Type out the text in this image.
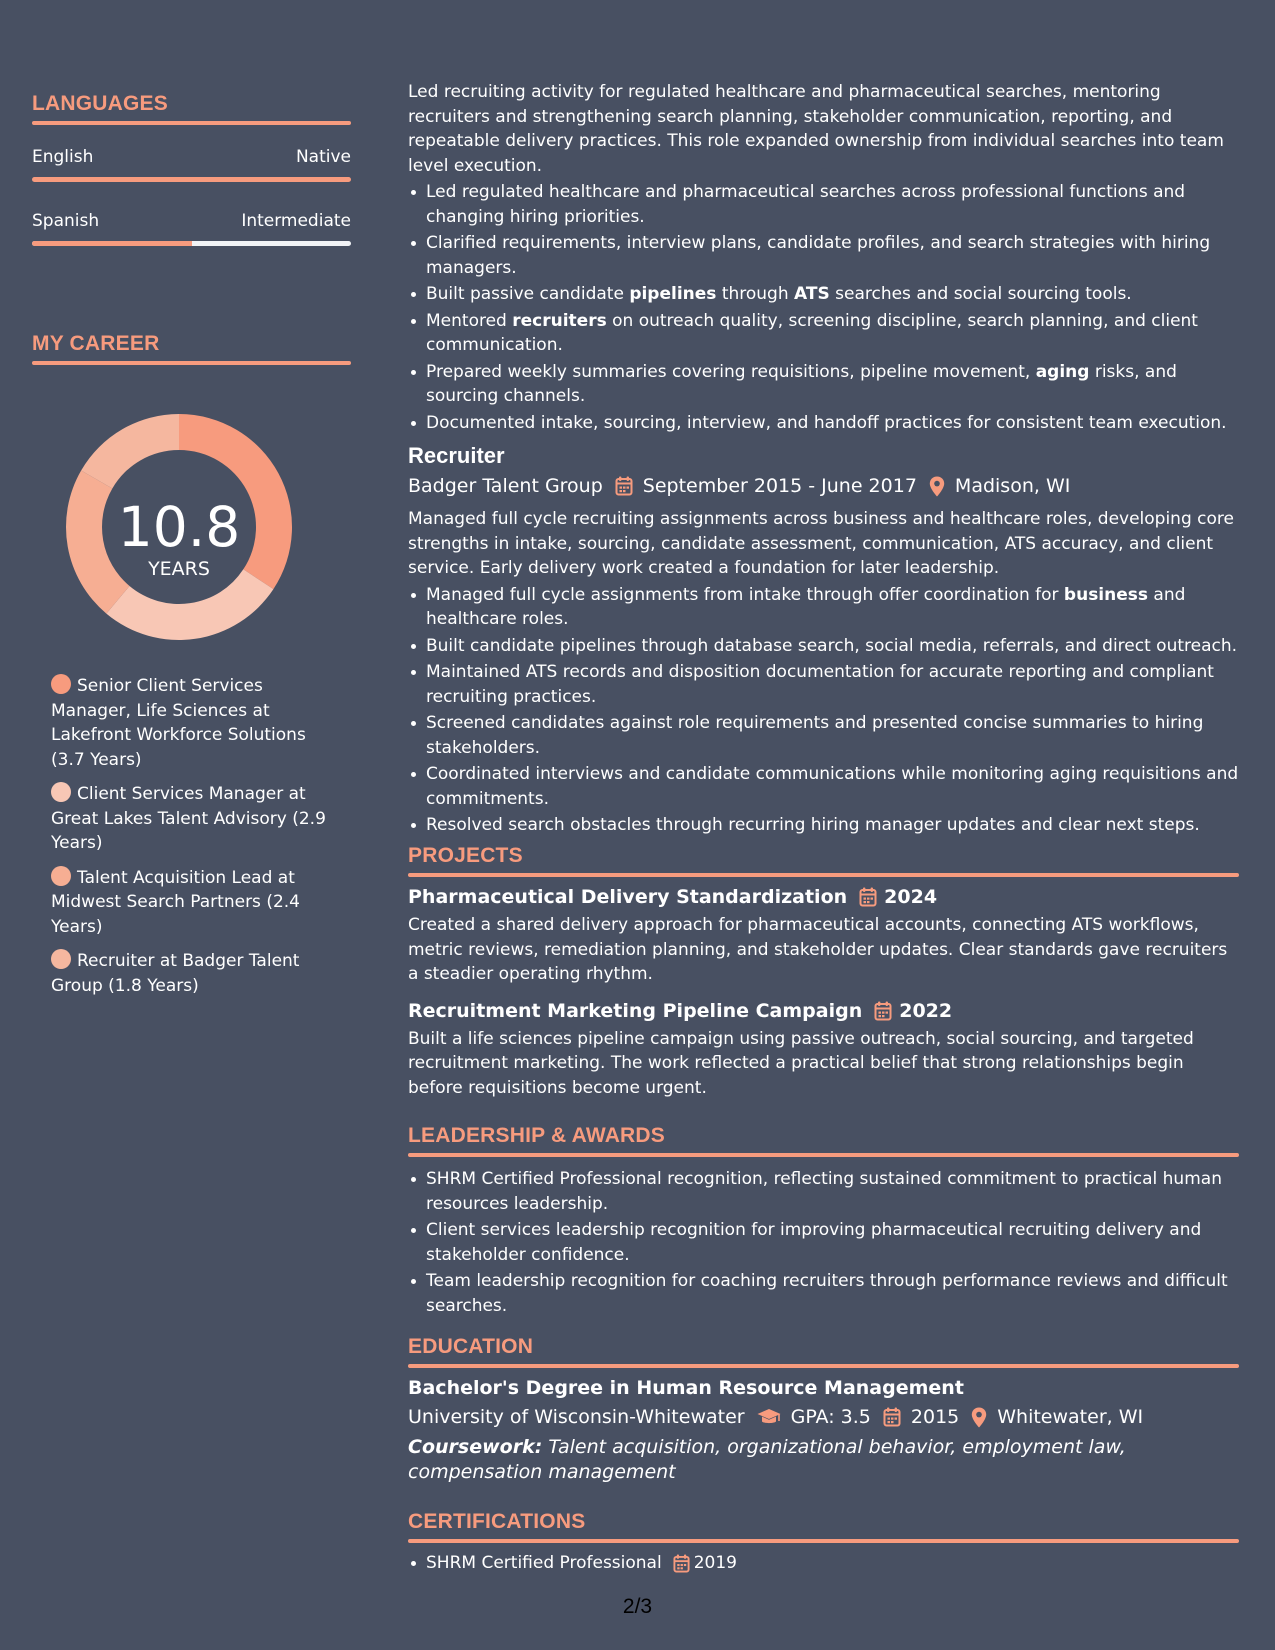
LANGUAGES
English	Native
Spanish	Intermediate
MY CAREER
10.8
YEARS
Senior Client Services Manager, Life Sciences at Lakefront Workforce Solutions (3.7 Years)
Client Services Manager at Great Lakes Talent Advisory (2.9 Years)
Talent Acquisition Lead at Midwest Search Partners (2.4 Years)
Recruiter at Badger Talent Group (1.8 Years)

Led recruiting activity for regulated healthcare and pharmaceutical searches, mentoring recruiters and strengthening search planning, stakeholder communication, reporting, and repeatable delivery practices. This role expanded ownership from individual searches into team level execution.

Led regulated healthcare and pharmaceutical searches across professional functions and changing hiring priorities.
Clarified requirements, interview plans, candidate profiles, and search strategies with hiring managers.
Built passive candidate pipelines through ATS searches and social sourcing tools.
Mentored recruiters on outreach quality, screening discipline, search planning, and client communication.
Prepared weekly summaries covering requisitions, pipeline movement, aging risks, and sourcing channels.
Documented intake, sourcing, interview, and handoff practices for consistent team execution.
Recruiter
Badger Talent Group September 2015 - June 2017 Madison, WI

Managed full cycle recruiting assignments across business and healthcare roles, developing core strengths in intake, sourcing, candidate assessment, communication, ATS accuracy, and client service. Early delivery work created a foundation for later leadership.

Managed full cycle assignments from intake through offer coordination for business and healthcare roles.
Built candidate pipelines through database search, social media, referrals, and direct outreach.
Maintained ATS records and disposition documentation for accurate reporting and compliant recruiting practices.
Screened candidates against role requirements and presented concise summaries to hiring stakeholders.
Coordinated interviews and candidate communications while monitoring aging requisitions and commitments.
Resolved search obstacles through recurring hiring manager updates and clear next steps.
PROJECTS
Pharmaceutical Delivery Standardization 2024

Created a shared delivery approach for pharmaceutical accounts, connecting ATS workflows, metric reviews, remediation planning, and stakeholder updates. Clear standards gave recruiters a steadier operating rhythm.

Recruitment Marketing Pipeline Campaign 2022

Built a life sciences pipeline campaign using passive outreach, social sourcing, and targeted recruitment marketing. The work reflected a practical belief that strong relationships begin before requisitions become urgent.

LEADERSHIP & AWARDS
SHRM Certified Professional recognition, reflecting sustained commitment to practical human resources leadership.
Client services leadership recognition for improving pharmaceutical recruiting delivery and stakeholder confidence.
Team leadership recognition for coaching recruiters through performance reviews and difficult searches.
EDUCATION
Bachelor's Degree in Human Resource Management
University of Wisconsin-Whitewater GPA: 3.5 2015 Whitewater, WI

Coursework: Talent acquisition, organizational behavior, employment law, compensation management

CERTIFICATIONS
SHRM Certified Professional 2019
2/3
